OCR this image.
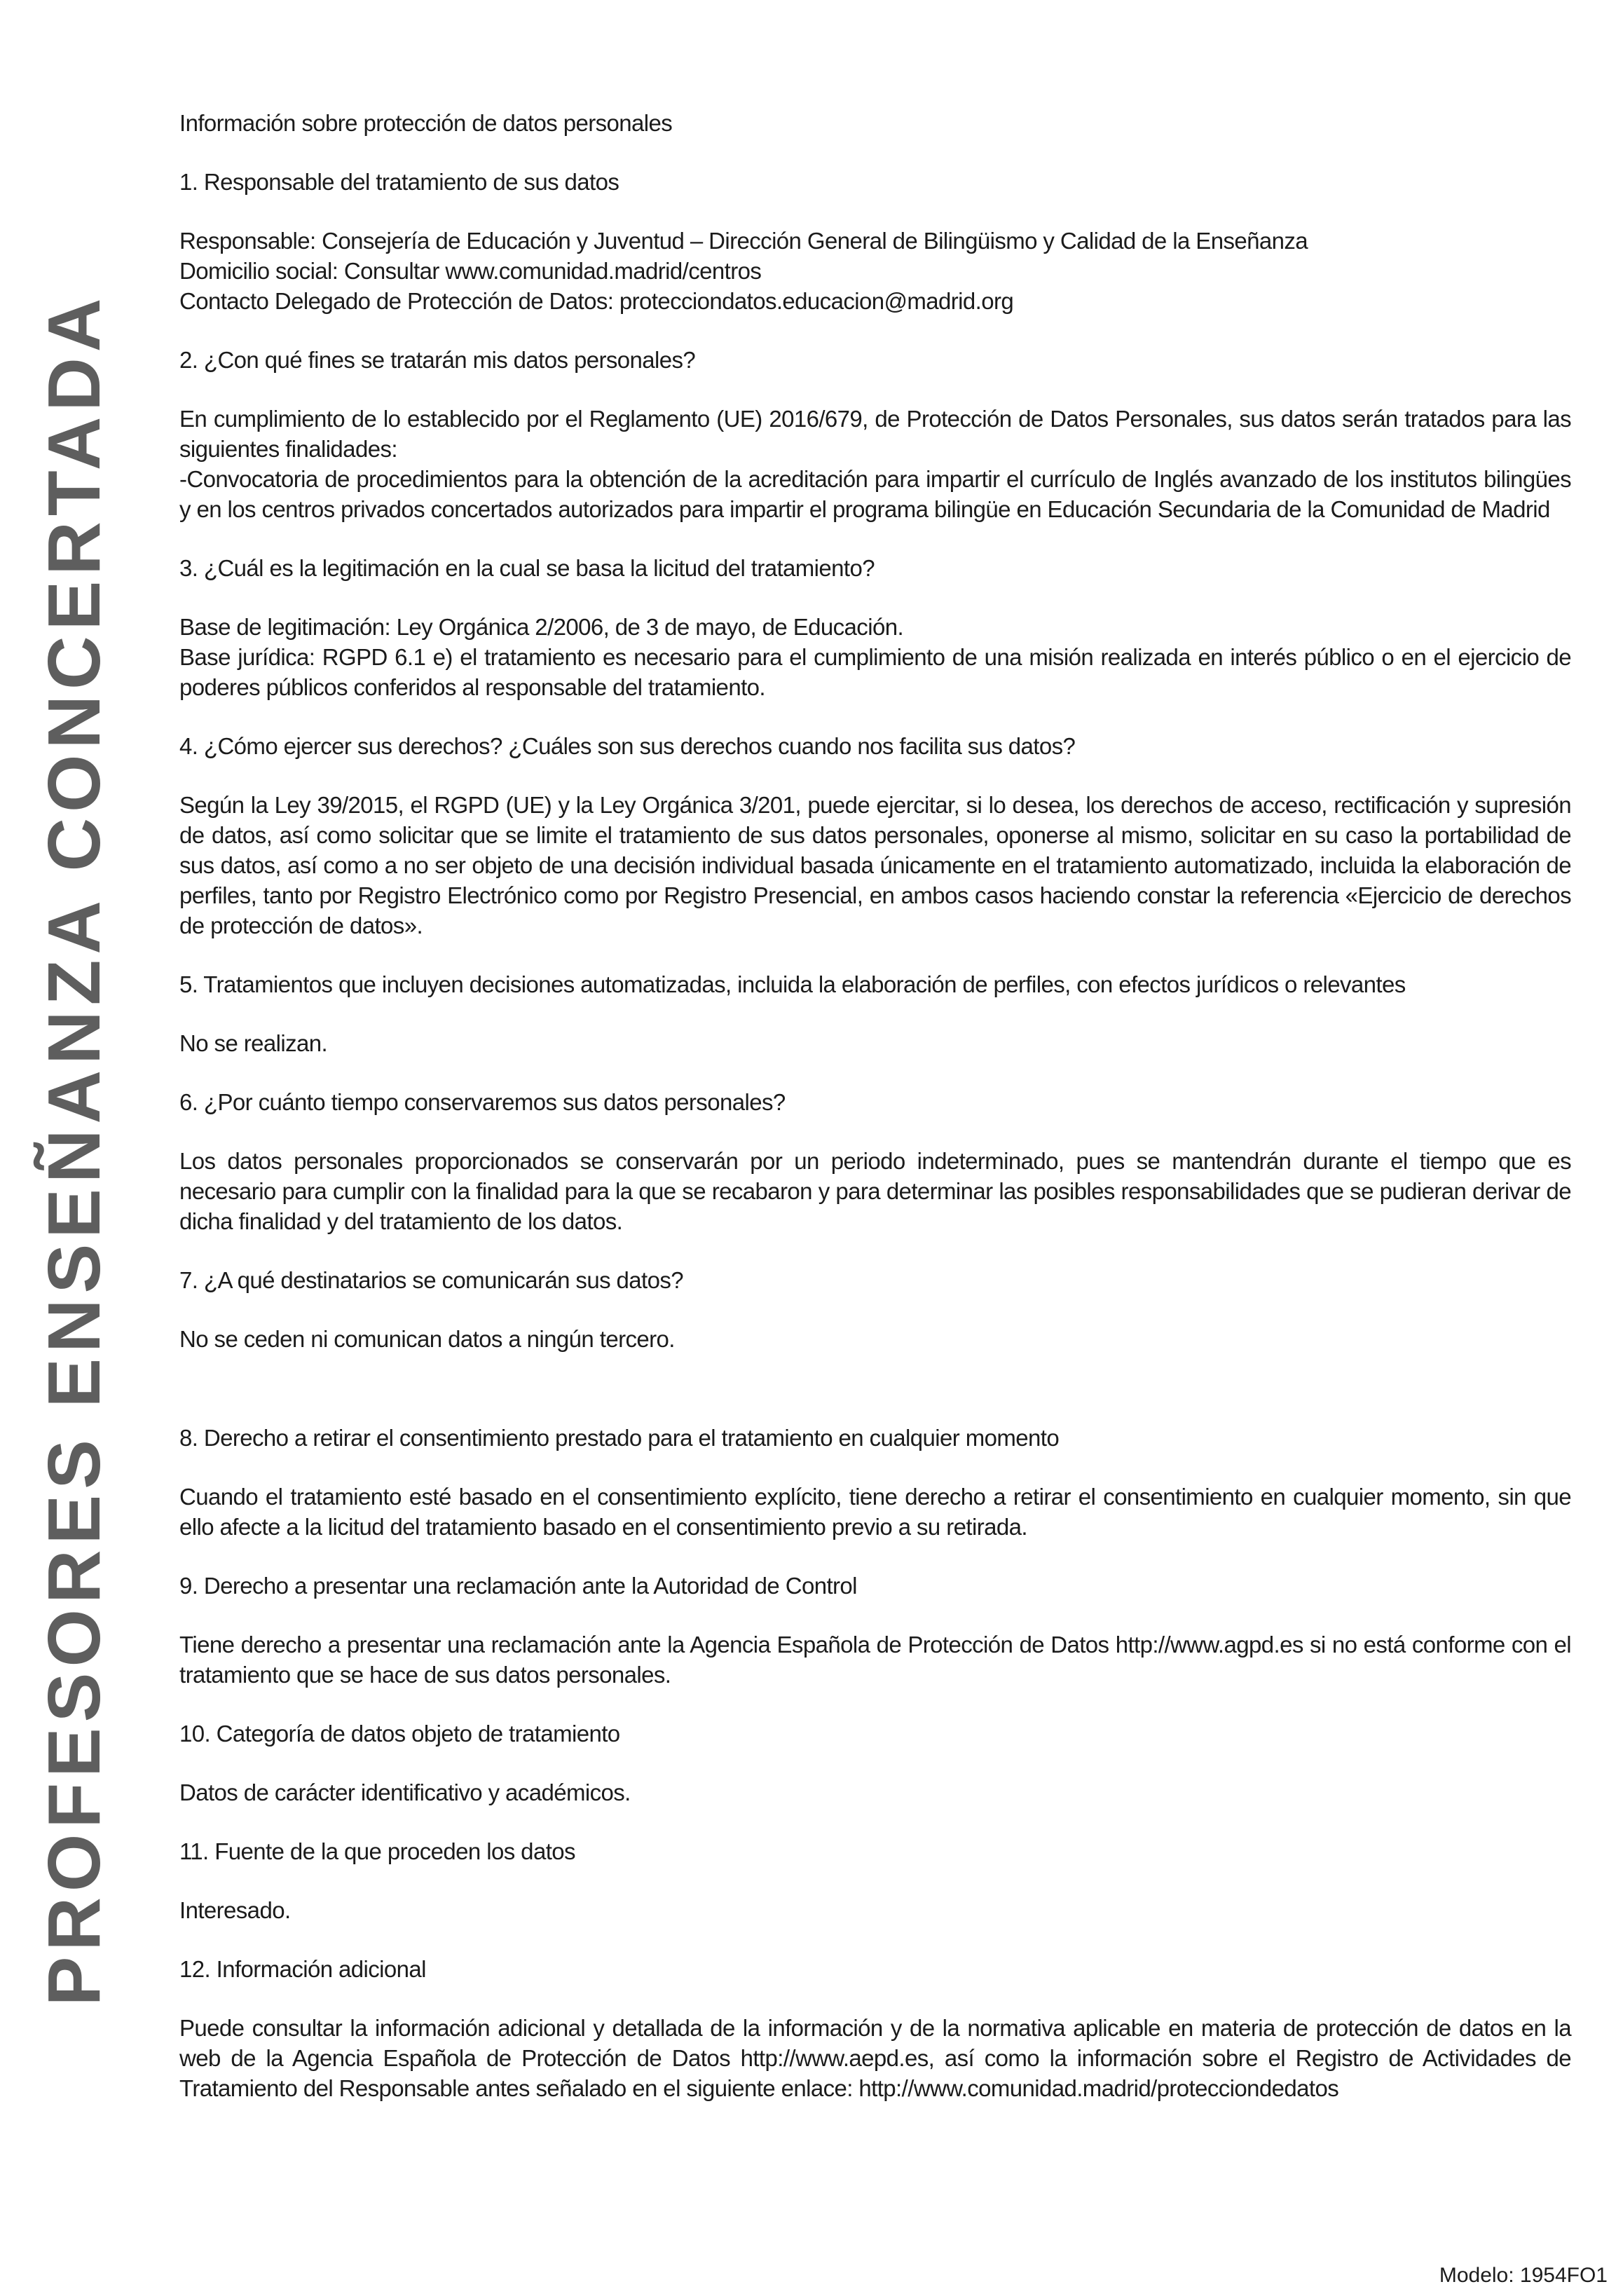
PROFESORES ENSEÑANZA CONCERTADA

Información sobre protección de datos personales

1. Responsable del tratamiento de sus datos

Responsable: Consejería de Educación y Juventud – Dirección General de Bilingüismo y Calidad de la Enseñanza

Domicilio social: Consultar www.comunidad.madrid/centros

Contacto Delegado de Protección de Datos: protecciondatos.educacion@madrid.org

2. ¿Con qué fines se tratarán mis datos personales?

En cumplimiento de lo establecido por el Reglamento (UE) 2016/679, de Protección de Datos Personales, sus datos serán tratados para las siguientes finalidades:

-Convocatoria de procedimientos para la obtención de la acreditación para impartir el currículo de Inglés avanzado de los institutos bilingües y en los centros privados concertados autorizados para impartir el programa bilingüe en Educación Secundaria de la Comunidad de Madrid

3. ¿Cuál es la legitimación en la cual se basa la licitud del tratamiento?

Base de legitimación: Ley Orgánica 2/2006, de 3 de mayo, de Educación.

Base jurídica: RGPD 6.1 e) el tratamiento es necesario para el cumplimiento de una misión realizada en interés público o en el ejercicio de poderes públicos conferidos al responsable del tratamiento.

4. ¿Cómo ejercer sus derechos? ¿Cuáles son sus derechos cuando nos facilita sus datos?

Según la Ley 39/2015, el RGPD (UE) y la Ley Orgánica 3/201, puede ejercitar, si lo desea, los derechos de acceso, rectificación y supresión de datos, así como solicitar que se limite el tratamiento de sus datos personales, oponerse al mismo, solicitar en su caso la portabilidad de sus datos, así como a no ser objeto de una decisión individual basada únicamente en el tratamiento automatizado, incluida la elaboración de perfiles, tanto por Registro Electrónico como por Registro Presencial, en ambos casos haciendo constar la referencia «Ejercicio de derechos de protección de datos».

5. Tratamientos que incluyen decisiones automatizadas, incluida la elaboración de perfiles, con efectos jurídicos o relevantes

No se realizan.

6. ¿Por cuánto tiempo conservaremos sus datos personales?

Los datos personales proporcionados se conservarán por un periodo indeterminado, pues se mantendrán durante el tiempo que es necesario para cumplir con la finalidad para la que se recabaron y para determinar las posibles responsabilidades que se pudieran derivar de dicha finalidad y del tratamiento de los datos.

7. ¿A qué destinatarios se comunicarán sus datos?

No se ceden ni comunican datos a ningún tercero.

8. Derecho a retirar el consentimiento prestado para el tratamiento en cualquier momento

Cuando el tratamiento esté basado en el consentimiento explícito, tiene derecho a retirar el consentimiento en cualquier momento, sin que ello afecte a la licitud del tratamiento basado en el consentimiento previo a su retirada.

9. Derecho a presentar una reclamación ante la Autoridad de Control

Tiene derecho a presentar una reclamación ante la Agencia Española de Protección de Datos http://www.agpd.es si no está conforme con el tratamiento que se hace de sus datos personales.

10. Categoría de datos objeto de tratamiento

Datos de carácter identificativo y académicos.

11. Fuente de la que proceden los datos

Interesado.

12. Información adicional

Puede consultar la información adicional y detallada de la información y de la normativa aplicable en materia de protección de datos en la web de la Agencia Española de Protección de Datos http://www.aepd.es, así como la información sobre el Registro de Actividades de Tratamiento del Responsable antes señalado en el siguiente enlace: http://www.comunidad.madrid/protecciondedatos

Modelo: 1954FO1
